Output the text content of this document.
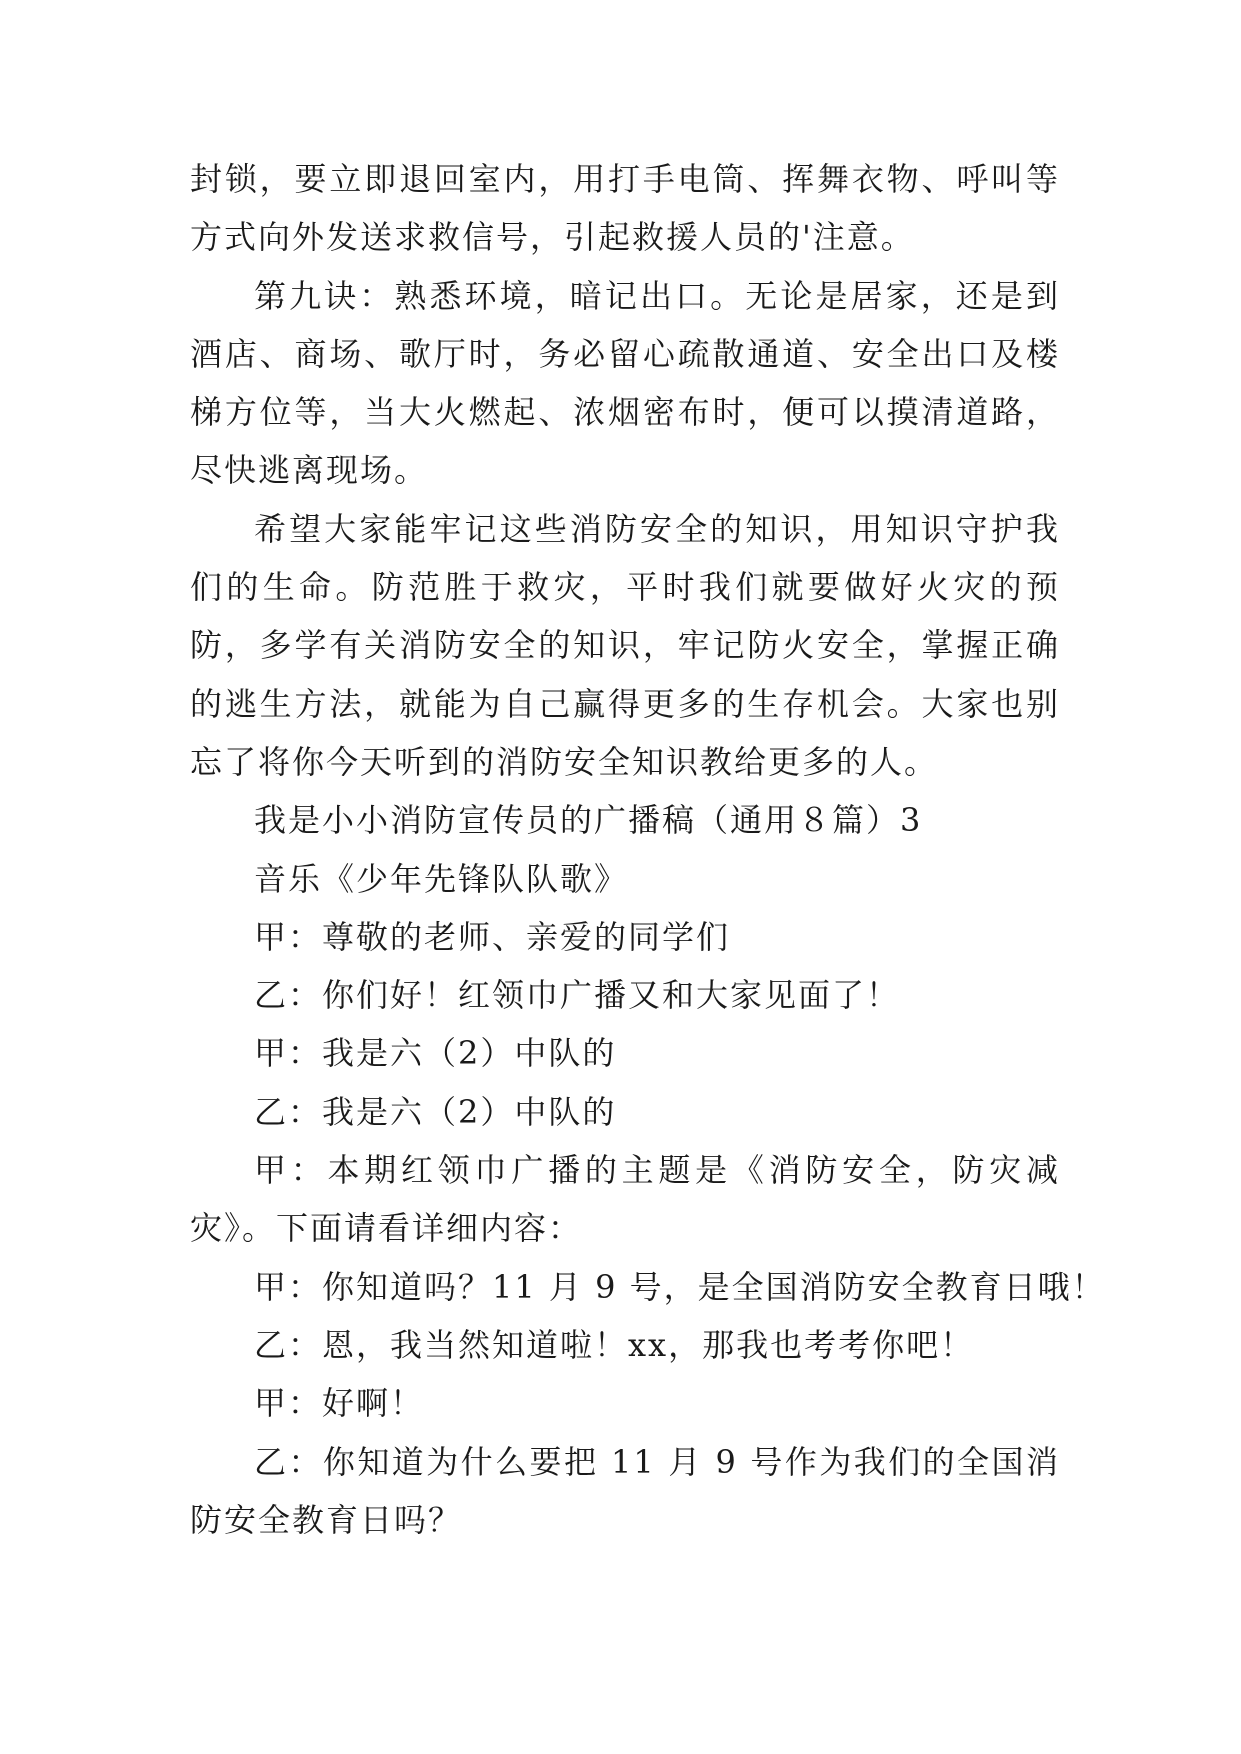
封锁，要立即退回室内，用打手电筒、挥舞衣物、呼叫等方式向外发送求救信号，引起救援人员的'注意。

第九诀：熟悉环境，暗记出口。无论是居家，还是到酒店、商场、歌厅时，务必留心疏散通道、安全出口及楼梯方位等，当大火燃起、浓烟密布时，便可以摸清道路，尽快逃离现场。

希望大家能牢记这些消防安全的知识，用知识守护我们的生命。防范胜于救灾，平时我们就要做好火灾的预防，多学有关消防安全的知识，牢记防火安全，掌握正确的逃生方法，就能为自己赢得更多的生存机会。大家也别忘了将你今天听到的消防安全知识教给更多的人。

我是小小消防宣传员的广播稿（通用８篇）3

音乐《少年先锋队队歌》

甲：尊敬的老师、亲爱的同学们

乙：你们好！红领巾广播又和大家见面了！

甲：我是六（2）中队的

乙：我是六（2）中队的

甲：本期红领巾广播的主题是《消防安全，防灾减灾》。下面请看详细内容：

甲：你知道吗？11 月 9 号，是全国消防安全教育日哦！

乙：恩，我当然知道啦！xx，那我也考考你吧！

甲：好啊！

乙：你知道为什么要把 11 月 9 号作为我们的全国消防安全教育日吗？
